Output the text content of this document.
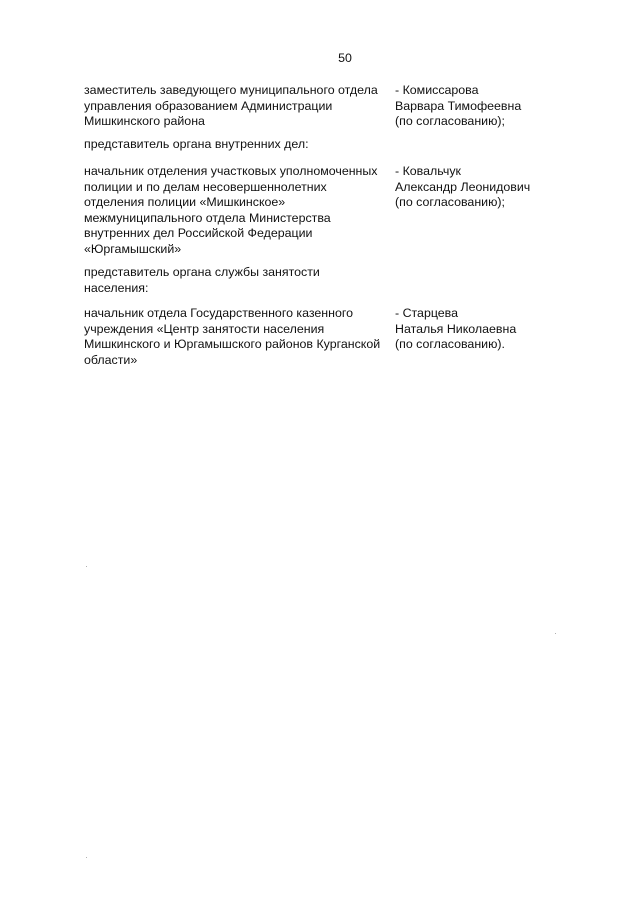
50
заместитель заведующего муниципального отдела
управления образованием Администрации
Мишкинского района
- Комиссарова
Варвара Тимофеевна
(по согласованию);
представитель органа внутренних дел:
начальник отделения участковых уполномоченных
полиции и по делам несовершеннолетних
отделения полиции «Мишкинское»
межмуниципального отдела Министерства
внутренних дел Российской Федерации
«Юргамышский»
- Ковальчук
Александр Леонидович
(по согласованию);
представитель органа службы занятости
населения:
начальник отдела Государственного казенного
учреждения «Центр занятости населения
Мишкинского и Юргамышского районов Курганской
области»
- Старцева
Наталья Николаевна
(по согласованию).
